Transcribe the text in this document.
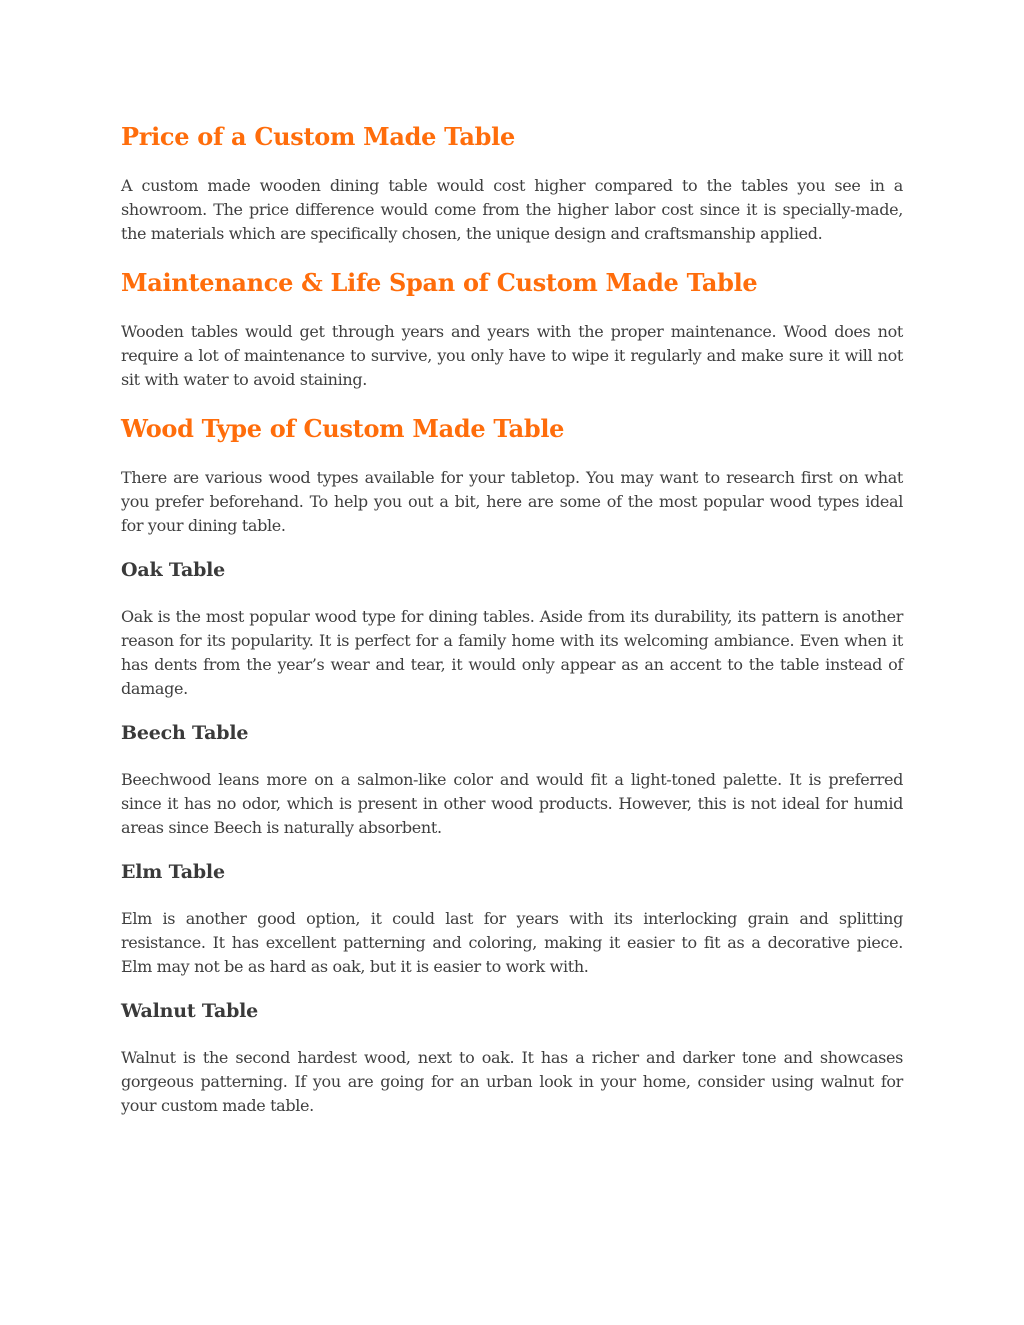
Price of a Custom Made Table

A custom made wooden dining table would cost higher compared to the tables you see in a showroom. The price difference would come from the higher labor cost since it is specially-made, the materials which are specifically chosen, the unique design and craftsmanship applied.

Maintenance & Life Span of Custom Made Table

Wooden tables would get through years and years with the proper maintenance. Wood does not require a lot of maintenance to survive, you only have to wipe it regularly and make sure it will not sit with water to avoid staining.

Wood Type of Custom Made Table

There are various wood types available for your tabletop. You may want to research first on what you prefer beforehand. To help you out a bit, here are some of the most popular wood types ideal for your dining table.

Oak Table

Oak is the most popular wood type for dining tables. Aside from its durability, its pattern is another reason for its popularity. It is perfect for a family home with its welcoming ambiance. Even when it has dents from the year’s wear and tear, it would only appear as an accent to the table instead of damage.

Beech Table

Beechwood leans more on a salmon-like color and would fit a light-toned palette. It is preferred since it has no odor, which is present in other wood products. However, this is not ideal for humid areas since Beech is naturally absorbent.

Elm Table

Elm is another good option, it could last for years with its interlocking grain and splitting resistance. It has excellent patterning and coloring, making it easier to fit as a decorative piece. Elm may not be as hard as oak, but it is easier to work with.

Walnut Table

Walnut is the second hardest wood, next to oak. It has a richer and darker tone and showcases gorgeous patterning. If you are going for an urban look in your home, consider using walnut for your custom made table.
